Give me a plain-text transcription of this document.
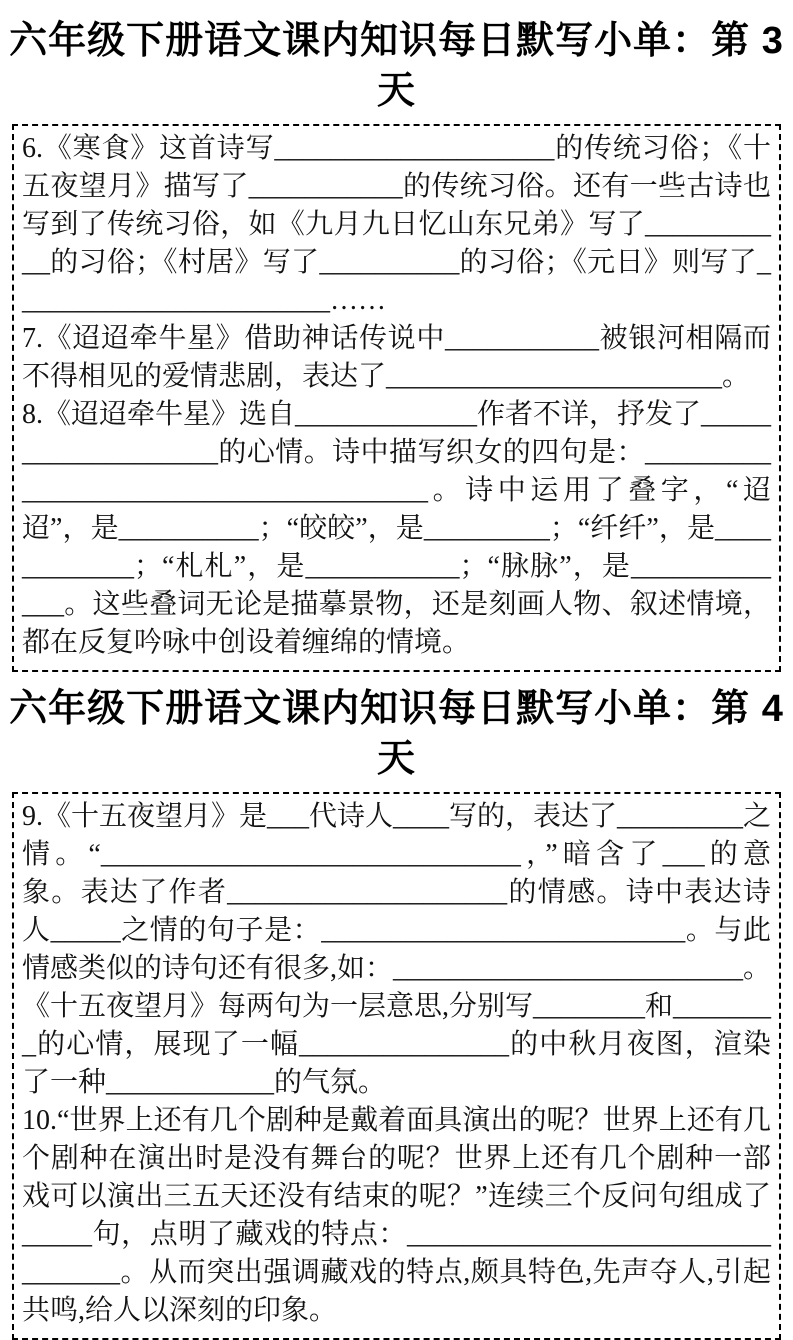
六年级下册语文课内知识每日默写小单：第 3 天

6.《寒食》这首诗写____________________的传统习俗；《十五夜望月》描写了___________的传统习俗。还有一些古诗也写到了传统习俗，如《九月九日忆山东兄弟》写了___________的习俗；《村居》写了__________的习俗；《元日》则写了_______________________……

7.《迢迢牵牛星》借助神话传说中___________被银河相隔而不得相见的爱情悲剧，表达了________________________。

8.《迢迢牵牛星》选自_____________作者不详，抒发了___________________的心情。诗中描写织女的四句是：______________________________________。诗中运用了叠字，“迢迢”，是__________；“皎皎”，是_________；“纤纤”，是____________；“札札”，是___________；“脉脉”，是_____________。这些叠词无论是描摹景物，还是刻画人物、叙述情境，都在反复吟咏中创设着缠绵的情境。

六年级下册语文课内知识每日默写小单：第 4 天

9.《十五夜望月》是___代诗人____写的，表达了_________之情。“______________________________，”暗含了___的意象。表达了作者____________________的情感。诗中表达诗人_____之情的句子是：__________________________。与此情感类似的诗句还有很多,如：_________________________。《十五夜望月》每两句为一层意思,分别写________和________的心情，展现了一幅_______________的中秋月夜图，渲染了一种____________的气氛。

10.“世界上还有几个剧种是戴着面具演出的呢？世界上还有几个剧种在演出时是没有舞台的呢？世界上还有几个剧种一部戏可以演出三五天还没有结束的呢？”连续三个反问句组成了_____句，点明了藏戏的特点：_________________________________。从而突出强调藏戏的特点,颇具特色,先声夺人,引起共鸣,给人以深刻的印象。
